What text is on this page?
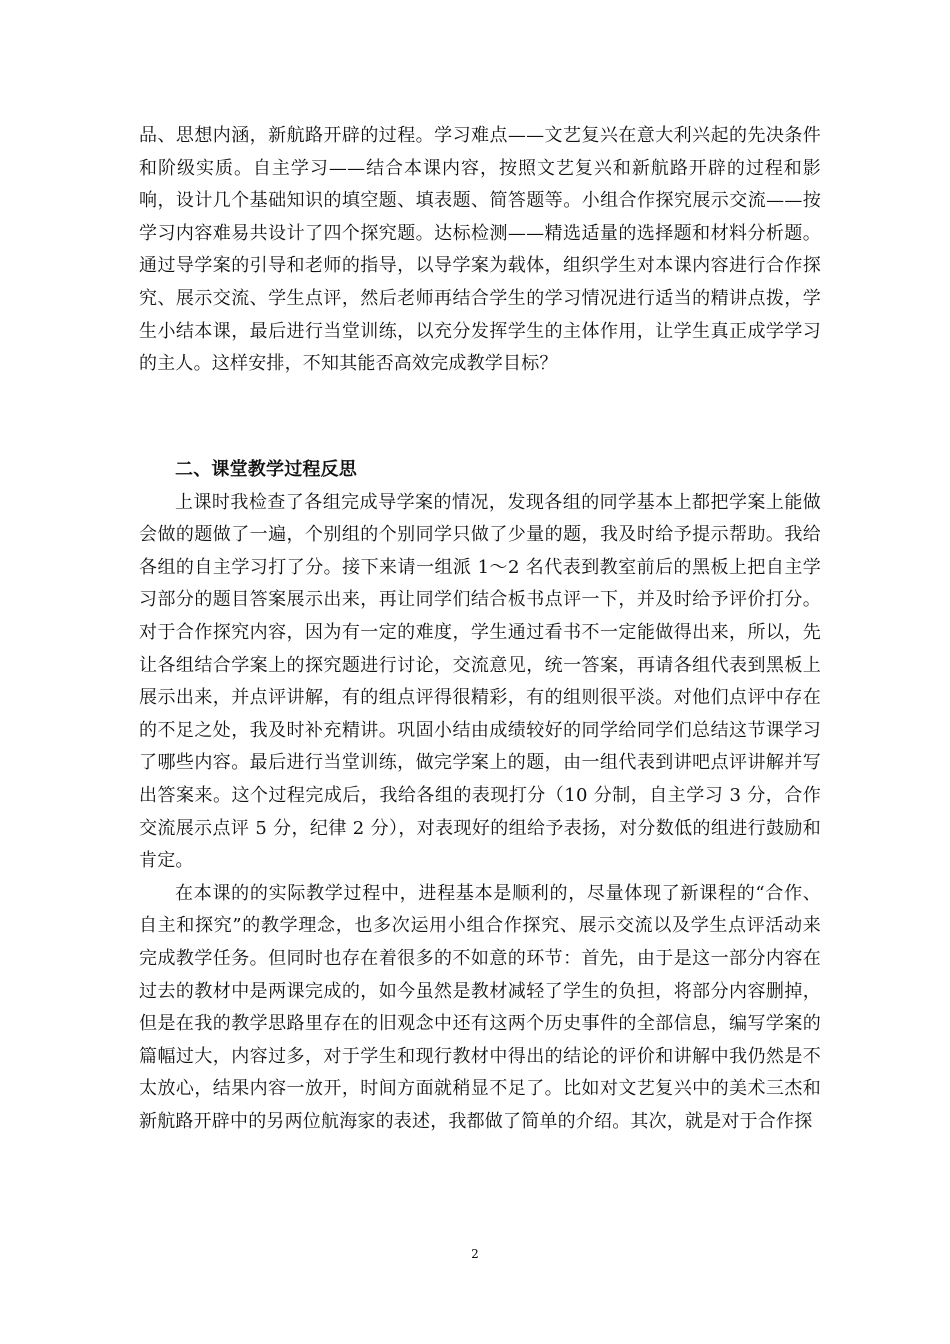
品、思想内涵，新航路开辟的过程。学习难点——文艺复兴在意大利兴起的先决条件和阶级实质。自主学习——结合本课内容，按照文艺复兴和新航路开辟的过程和影响，设计几个基础知识的填空题、填表题、简答题等。小组合作探究展示交流——按学习内容难易共设计了四个探究题。达标检测——精选适量的选择题和材料分析题。通过导学案的引导和老师的指导，以导学案为载体，组织学生对本课内容进行合作探究、展示交流、学生点评，然后老师再结合学生的学习情况进行适当的精讲点拨，学生小结本课，最后进行当堂训练，以充分发挥学生的主体作用，让学生真正成学学习的主人。这样安排，不知其能否高效完成教学目标？

二、课堂教学过程反思

上课时我检查了各组完成导学案的情况，发现各组的同学基本上都把学案上能做会做的题做了一遍，个别组的个别同学只做了少量的题，我及时给予提示帮助。我给各组的自主学习打了分。接下来请一组派 1～2 名代表到教室前后的黑板上把自主学习部分的题目答案展示出来，再让同学们结合板书点评一下，并及时给予评价打分。对于合作探究内容，因为有一定的难度，学生通过看书不一定能做得出来，所以，先让各组结合学案上的探究题进行讨论，交流意见，统一答案，再请各组代表到黑板上展示出来，并点评讲解，有的组点评得很精彩，有的组则很平淡。对他们点评中存在的不足之处，我及时补充精讲。巩固小结由成绩较好的同学给同学们总结这节课学习了哪些内容。最后进行当堂训练，做完学案上的题，由一组代表到讲吧点评讲解并写出答案来。这个过程完成后，我给各组的表现打分（10 分制，自主学习 3 分，合作交流展示点评 5 分，纪律 2 分），对表现好的组给予表扬，对分数低的组进行鼓励和肯定。

在本课的的实际教学过程中，进程基本是顺利的，尽量体现了新课程的“合作、自主和探究”的教学理念，也多次运用小组合作探究、展示交流以及学生点评活动来完成教学任务。但同时也存在着很多的不如意的环节：首先，由于是这一部分内容在过去的教材中是两课完成的，如今虽然是教材减轻了学生的负担，将部分内容删掉，但是在我的教学思路里存在的旧观念中还有这两个历史事件的全部信息，编写学案的篇幅过大，内容过多，对于学生和现行教材中得出的结论的评价和讲解中我仍然是不太放心，结果内容一放开，时间方面就稍显不足了。比如对文艺复兴中的美术三杰和新航路开辟中的另两位航海家的表述，我都做了简单的介绍。其次，就是对于合作探

2
